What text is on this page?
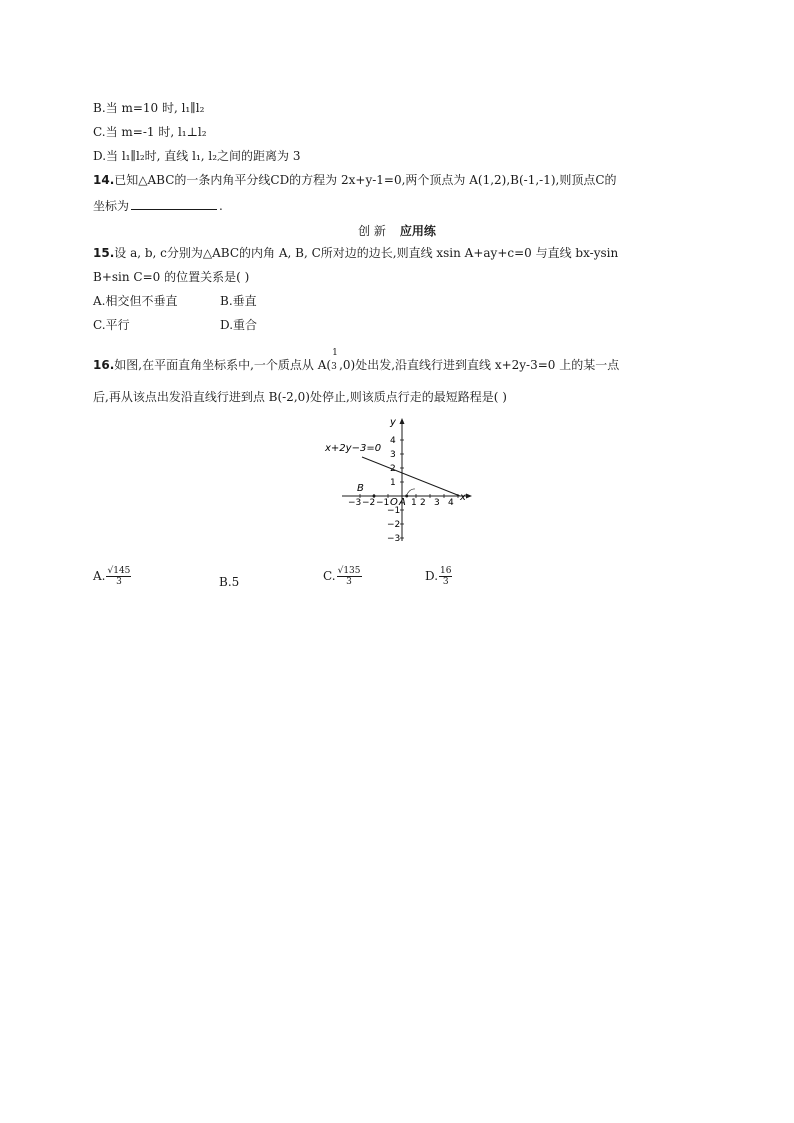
B.当 m=10 时, l₁∥l₂
C.当 m=-1 时, l₁⊥l₂
D.当 l₁∥l₂时, 直线 l₁, l₂之间的距离为 3
14.已知△ABC的一条内角平分线CD的方程为 2x+y-1=0,两个顶点为 A(1,2),B(-1,-1),则顶点C的
坐标为	.
创 新 应用练
15.设 a, b, c分别为△ABC的内角 A, B, C所对边的边长,则直线 xsin A+ay+c=0 与直线 bx-ysin
B+sin C=0 的位置关系是( )
A.相交但不垂直	B.垂直
C.平行	D.重合
16.如图,在平面直角坐标系中,一个质点从 A(
1
3 ,0)处出发,沿直线行进到直线 x+2y-3=0 上的某一点
后,再从该点出发沿直线行进到点 B(-2,0)处停止,则该质点行走的最短路程是( )
x+2y−3=0
y
x
B
A
O
−3 −2 −1 1 2 3 4
4
3
2
1
−1
−2
−3
A. $\frac{√145}{3}$	B.5	C. $\frac{√135}{3}$	D. $\frac{16}{3}$
